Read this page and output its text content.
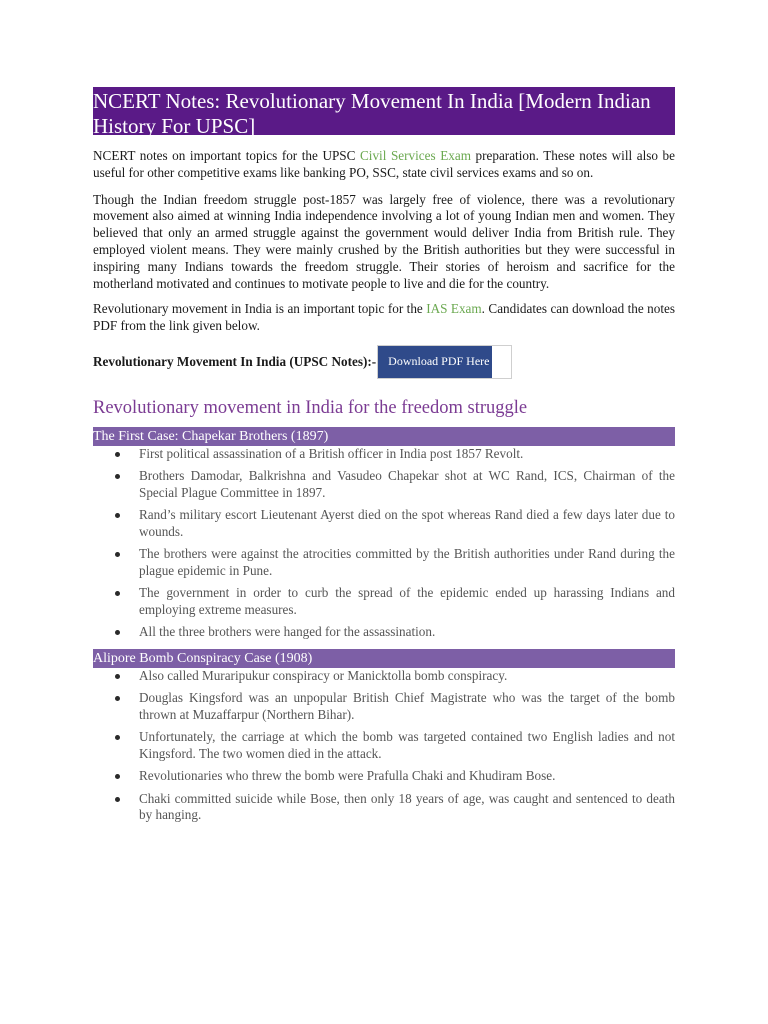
NCERT Notes: Revolutionary Movement In India [Modern Indian History For UPSC]

NCERT notes on important topics for the UPSC Civil Services Exam preparation. These notes will also be useful for other competitive exams like banking PO, SSC, state civil services exams and so on.

Though the Indian freedom struggle post-1857 was largely free of violence, there was a revolutionary movement also aimed at winning India independence involving a lot of young Indian men and women. They believed that only an armed struggle against the government would deliver India from British rule. They employed violent means. They were mainly crushed by the British authorities but they were successful in inspiring many Indians towards the freedom struggle. Their stories of heroism and sacrifice for the motherland motivated and continues to motivate people to live and die for the country.

Revolutionary movement in India is an important topic for the IAS Exam. Candidates can download the notes PDF from the link given below.

Revolutionary Movement In India (UPSC Notes):-	Download PDF Here
Revolutionary movement in India for the freedom struggle
The First Case: Chapekar Brothers (1897)
First political assassination of a British officer in India post 1857 Revolt.
Brothers Damodar, Balkrishna and Vasudeo Chapekar shot at WC Rand, ICS, Chairman of the Special Plague Committee in 1897.
Rand’s military escort Lieutenant Ayerst died on the spot whereas Rand died a few days later due to wounds.
The brothers were against the atrocities committed by the British authorities under Rand during the plague epidemic in Pune.
The government in order to curb the spread of the epidemic ended up harassing Indians and employing extreme measures.
All the three brothers were hanged for the assassination.
Alipore Bomb Conspiracy Case (1908)
Also called Muraripukur conspiracy or Manicktolla bomb conspiracy.
Douglas Kingsford was an unpopular British Chief Magistrate who was the target of the bomb thrown at Muzaffarpur (Northern Bihar).
Unfortunately, the carriage at which the bomb was targeted contained two English ladies and not Kingsford. The two women died in the attack.
Revolutionaries who threw the bomb were Prafulla Chaki and Khudiram Bose.
Chaki committed suicide while Bose, then only 18 years of age, was caught and sentenced to death by hanging.
